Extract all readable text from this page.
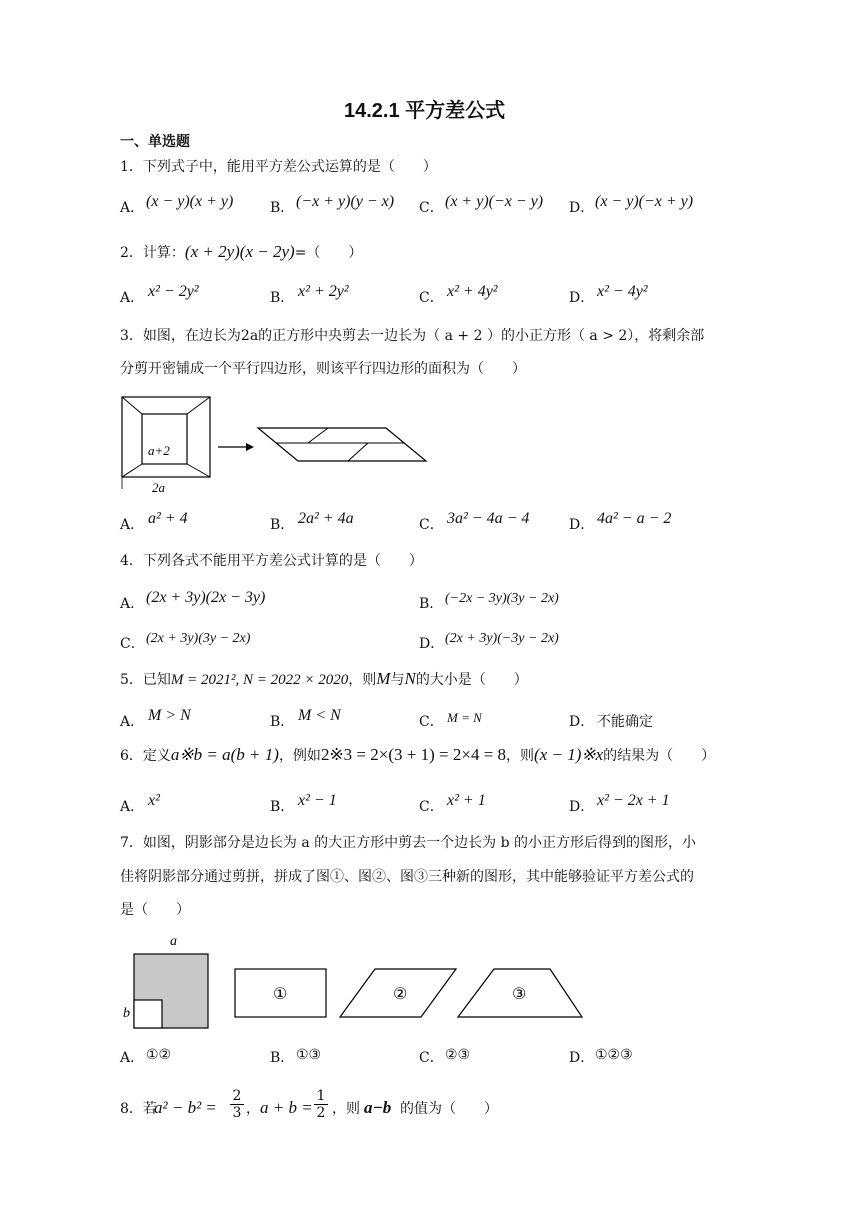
14.2.1 平方差公式
一、单选题
1．下列式子中，能用平方差公式运算的是（　　）
A． (x − y)(x + y)	B． (−x + y)(y − x) C． (x + y)(−x − y) D． (x − y)(−x + y)
2．计算：(x + 2y)(x − 2y)=（　　）
A． x² − 2y²	B． x² + 2y²	C． x² + 4y²	D． x² − 4y²
3．如图，在边长为2a的正方形中央剪去一边长为（ a + 2 ）的小正方形（ a > 2），将剩余部
分剪开密铺成一个平行四边形，则该平行四边形的面积为（　　）
a+2
2a
A． a² + 4	B． 2a² + 4a	C． 3a² − 4a − 4	D． 4a² − a − 2
4．下列各式不能用平方差公式计算的是（　　）
A． (2x + 3y)(2x − 3y)	B． (−2x − 3y)(3y − 2x)
C． (2x + 3y)(3y − 2x)	D． (2x + 3y)(−3y − 2x)
5．已知M = 2021², N = 2022 × 2020，则M与N的大小是（　　）
A． M > N	B． M < N	C． M = N	D． 不能确定
6．定义a※b = a(b + 1)，例如2※3 = 2×(3 + 1) = 2×4 = 8，则(x − 1)※x的结果为（　　）
A． x²	B． x² − 1	C． x² + 1	D． x² − 2x + 1
7．如图，阴影部分是边长为 a 的大正方形中剪去一个边长为 b 的小正方形后得到的图形，小
佳将阴影部分通过剪拼，拼成了图①、图②、图③三种新的图形，其中能够验证平方差公式的
是（　　）
a
b
①	②	③
A． ①②	B． ①③	C． ②③	D． ①②③
8．若
a² − b² =
2
3 ， a + b =
1
2 ，则 a−b 的值为（　　）
